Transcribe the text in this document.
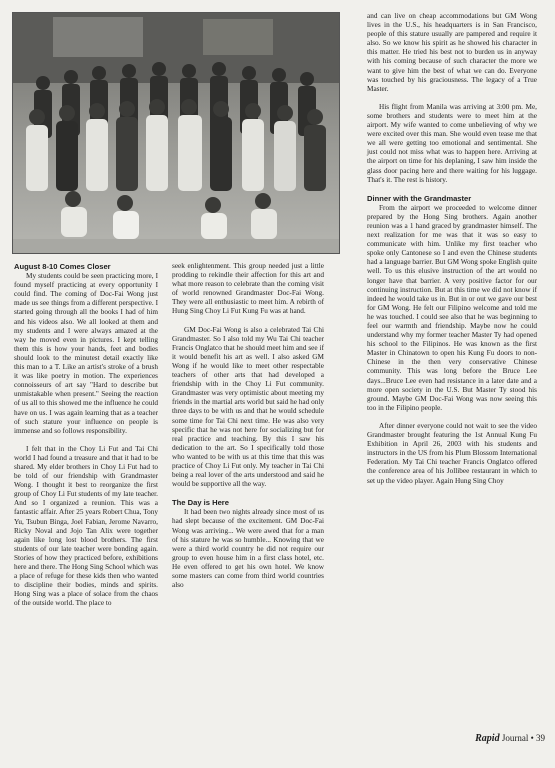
August 8-10 Comes Closer

My students could be seen practicing more, I found myself practicing at every opportunity I could find. The coming of Doc-Fai Wong just made us see things from a different perspective. I started going through all the books I had of him and his videos also. We all looked at them and my students and I were always amazed at the way he moved even in pictures. I kept telling them this is how your hands, feet and bodies should look to the minutest detail exactly like this man to a T. Like an artist's stroke of a brush it was like poetry in motion. The experiences connoisseurs of art say "Hard to describe but unmistakable when present." Seeing the reaction of us all to this showed me the influence he could have on us. I was again learning that as a teacher of such stature your influence on people is immense and so follows responsibility.

I felt that in the Choy Li Fut and Tai Chi world I had found a treasure and that it had to be shared. My elder brothers in Choy Li Fut had to be told of our friendship with Grandmaster Wong. I thought it best to reorganize the first group of Choy Li Fut students of my late teacher. And so I organized a reunion. This was a fantastic affair. After 25 years Robert Chua, Tony Yu, Tsubun Binga, Joel Fabian, Jerome Navarro, Ricky Noval and Jojo Tan Alix were together again like long lost blood brothers. The first students of our late teacher were bonding again. Stories of how they practiced before, exhibitions here and there. The Hong Sing School which was a place of refuge for these kids then who wanted to discipline their bodies, minds and spirits. Hong Sing was a place of solace from the chaos of the outside world. The place to

seek enlightenment. This group needed just a little prodding to rekindle their affection for this art and what more reason to celebrate than the coming visit of world renowned Grandmaster Doc-Fai Wong. They were all enthusiastic to meet him. A rebirth of Hung Sing Choy Li Fut Kung Fu was at hand.

GM Doc-Fai Wong is also a celebrated Tai Chi Grandmaster. So I also told my Wu Tai Chi teacher Francis Onglatco that he should meet him and see if it would benefit his art as well. I also asked GM Wong if he would like to meet other respectable teachers of other arts that had developed a friendship with in the Choy Li Fut community. Grandmaster was very optimistic about meeting my friends in the martial arts world but said he had only three days to be with us and that he would schedule some time for Tai Chi next time. He was also very specific that he was not here for socializing but for real practice and teaching. By this I saw his dedication to the art. So I specifically told those who wanted to be with us at this time that this was practice of Choy Li Fut only. My teacher in Tai Chi being a real lover of the arts understood and said he would be supportive all the way.

The Day is Here

It had been two nights already since most of us had slept because of the excitement. GM Doc-Fai Wong was arriving... We were awed that for a man of his stature he was so humble... Knowing that we were a third world country he did not require our group to even house him in a first class hotel, etc. He even offered to get his own hotel. We know some masters can come from third world countries also

and can live on cheap accommodations but GM Wong lives in the U.S., his headquarters is in San Francisco, people of this stature usually are pampered and require it also. So we know his spirit as he showed his character in this matter. He tried his best not to burden us in anyway with his coming because of such character the more we want to give him the best of what we can do. Everyone was touched by his graciousness. The legacy of a True Master.

His flight from Manila was arriving at 3:00 pm. Me, some brothers and students were to meet him at the airport. My wife wanted to come unbelieving of why we were excited over this man. She would even tease me that we all were getting too emotional and sentimental. She just could not miss what was to happen here. Arriving at the airport on time for his deplaning, I saw him inside the glass door pacing here and there waiting for his luggage. That's it. The rest is history.

Dinner with the Grandmaster

From the airport we proceeded to welcome dinner prepared by the Hong Sing brothers. Again another reunion was a 1 hand graced by grandmaster himself. The next realization for me was that it was so easy to communicate with him. Unlike my first teacher who spoke only Cantonese so I and even the Chinese students had a language barrier. But GM Wong spoke English quite well. To us this elusive instruction of the art would no longer have that barrier. A very positive factor for our continuing instruction. But at this time we did not know if indeed he would take us in. But in or out we gave our best for GM Wong. He felt our Filipino welcome and told me he was touched. I could see also that he was beginning to feel our warmth and friendship. Maybe now he could understand why my former teacher Master Ty had opened his school to the Filipinos. He was known as the first Master in Chinatown to open his Kung Fu doors to non-Chinese in the then very conservative Chinese community. This was long before the Bruce Lee days...Bruce Lee even had resistance in a later date and a more open society in the U.S. But Master Ty stood his ground. Maybe GM Doc-Fai Wong was now seeing this too in the Filipino people.

After dinner everyone could not wait to see the video Grandmaster brought featuring the 1st Annual Kung Fu Exhibition in April 26, 2003 with his students and instructors in the US from his Plum Blossom International Federation. My Tai Chi teacher Francis Onglatco offered the conference area of his Jollibee restaurant in which to set up the video player. Again Hung Sing Choy

Rapid Journal • 39
